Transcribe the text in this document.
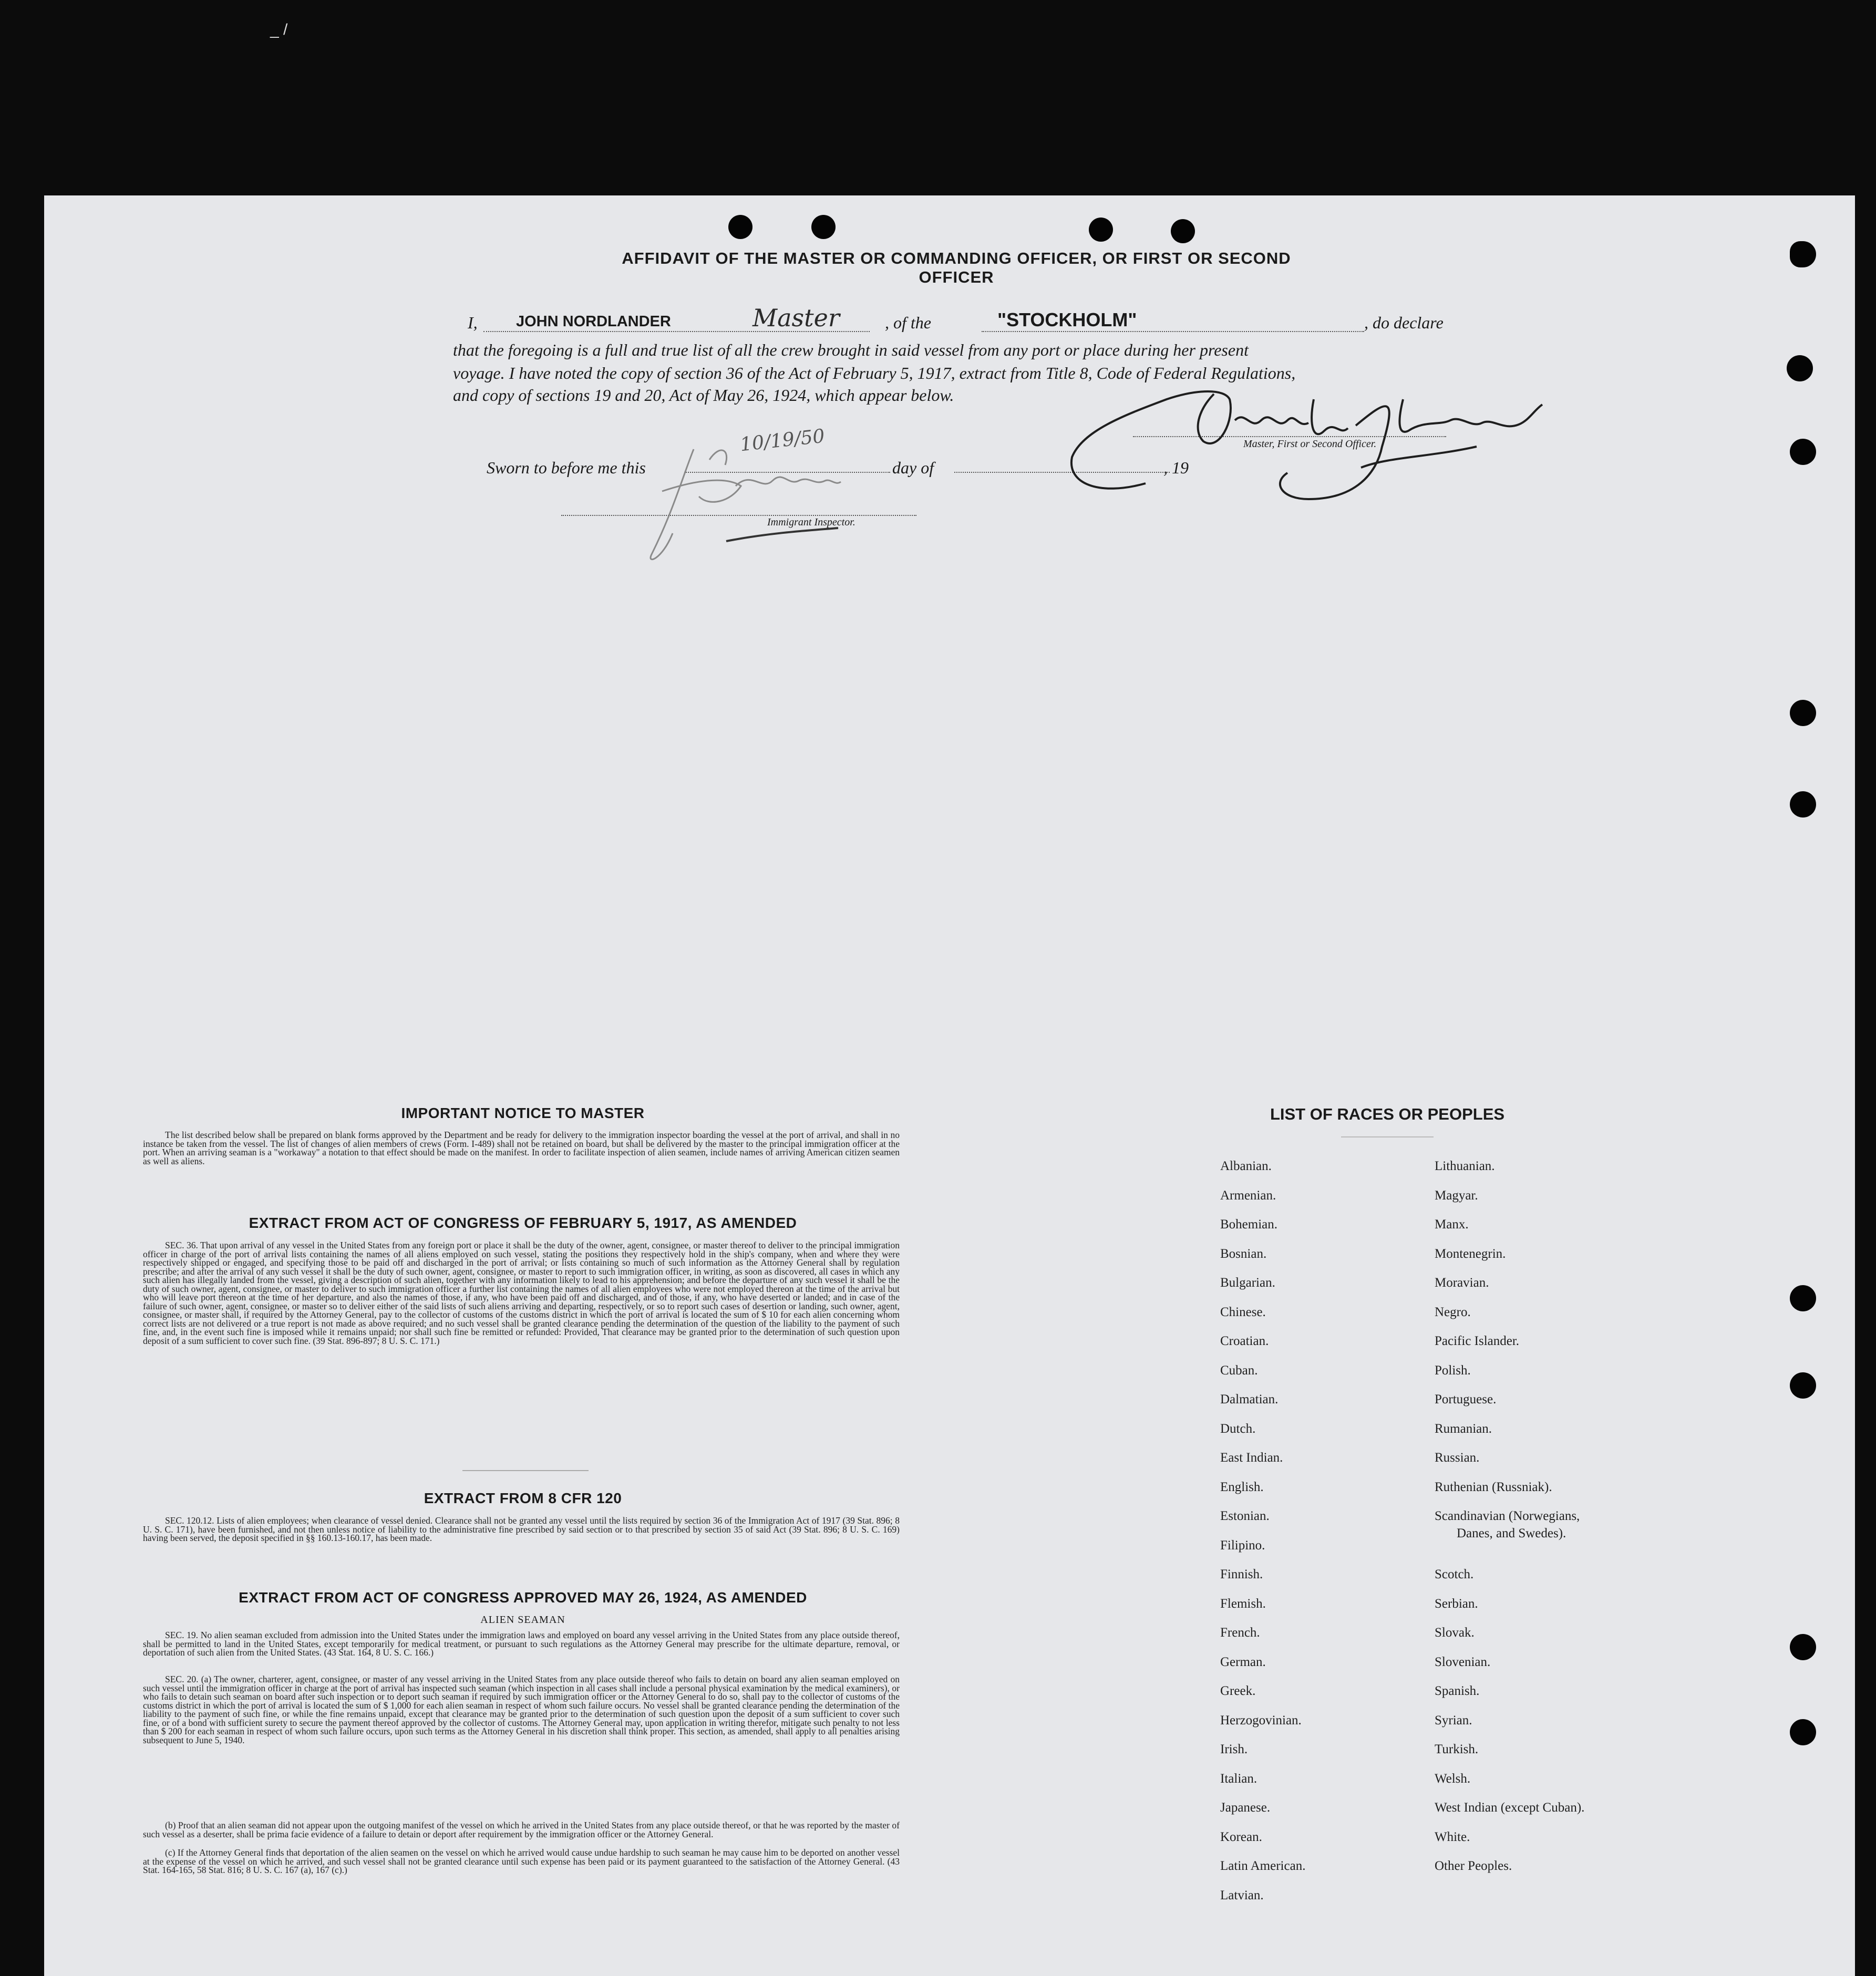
_ /
AFFIDAVIT OF THE MASTER OR COMMANDING OFFICER, OR FIRST OR SECOND OFFICER
I,	JOHN NORDLANDER	Master	, of the	"STOCKHOLM"	, do declare
that the foregoing is a full and true list of all the crew brought in said vessel from any port or place during her present
voyage. I have noted the copy of section 36 of the Act of February 5, 1917, extract from Title 8, Code of Federal Regulations,
and copy of sections 19 and 20, Act of May 26, 1924, which appear below.
Sworn to before me this	day of	, 19
10/19/50
Immigrant Inspector.
Master, First or Second Officer.
IMPORTANT NOTICE TO MASTER
The list described below shall be prepared on blank forms approved by the Department and be ready for delivery to the immigration inspector boarding the vessel at the port of arrival, and shall in no instance be taken from the vessel. The list of changes of alien members of crews (Form. I-489) shall not be retained on board, but shall be delivered by the master to the principal immigration officer at the port. When an arriving seaman is a "workaway" a notation to that effect should be made on the manifest. In order to facilitate inspection of alien seamen, include names of arriving American citizen seamen as well as aliens.
EXTRACT FROM ACT OF CONGRESS OF FEBRUARY 5, 1917, AS AMENDED
SEC. 36. That upon arrival of any vessel in the United States from any foreign port or place it shall be the duty of the owner, agent, consignee, or master thereof to deliver to the principal immigration officer in charge of the port of arrival lists containing the names of all aliens employed on such vessel, stating the positions they respectively hold in the ship's company, when and where they were respectively shipped or engaged, and specifying those to be paid off and discharged in the port of arrival; or lists containing so much of such information as the Attorney General shall by regulation prescribe; and after the arrival of any such vessel it shall be the duty of such owner, agent, consignee, or master to report to such immigration officer, in writing, as soon as discovered, all cases in which any such alien has illegally landed from the vessel, giving a description of such alien, together with any information likely to lead to his apprehension; and before the departure of any such vessel it shall be the duty of such owner, agent, consignee, or master to deliver to such immigration officer a further list containing the names of all alien employees who were not employed thereon at the time of the arrival but who will leave port thereon at the time of her departure, and also the names of those, if any, who have been paid off and discharged, and of those, if any, who have deserted or landed; and in case of the failure of such owner, agent, consignee, or master so to deliver either of the said lists of such aliens arriving and departing, respectively, or so to report such cases of desertion or landing, such owner, agent, consignee, or master shall, if required by the Attorney General, pay to the collector of customs of the customs district in which the port of arrival is located the sum of $ 10 for each alien concerning whom correct lists are not delivered or a true report is not made as above required; and no such vessel shall be granted clearance pending the determination of the question of the liability to the payment of such fine, and, in the event such fine is imposed while it remains unpaid; nor shall such fine be remitted or refunded: Provided, That clearance may be granted prior to the determination of such question upon deposit of a sum sufficient to cover such fine. (39 Stat. 896-897; 8 U. S. C. 171.)
EXTRACT FROM 8 CFR 120
SEC. 120.12. Lists of alien employees; when clearance of vessel denied. Clearance shall not be granted any vessel until the lists required by section 36 of the Immigration Act of 1917 (39 Stat. 896; 8 U. S. C. 171), have been furnished, and not then unless notice of liability to the administrative fine prescribed by said section or to that prescribed by section 35 of said Act (39 Stat. 896; 8 U. S. C. 169) having been served, the deposit specified in §§ 160.13-160.17, has been made.
EXTRACT FROM ACT OF CONGRESS APPROVED MAY 26, 1924, AS AMENDED
ALIEN SEAMAN
SEC. 19. No alien seaman excluded from admission into the United States under the immigration laws and employed on board any vessel arriving in the United States from any place outside thereof, shall be permitted to land in the United States, except temporarily for medical treatment, or pursuant to such regulations as the Attorney General may prescribe for the ultimate departure, removal, or deportation of such alien from the United States. (43 Stat. 164, 8 U. S. C. 166.)
SEC. 20. (a) The owner, charterer, agent, consignee, or master of any vessel arriving in the United States from any place outside thereof who fails to detain on board any alien seaman employed on such vessel until the immigration officer in charge at the port of arrival has inspected such seaman (which inspection in all cases shall include a personal physical examination by the medical examiners), or who fails to detain such seaman on board after such inspection or to deport such seaman if required by such immigration officer or the Attorney General to do so, shall pay to the collector of customs of the customs district in which the port of arrival is located the sum of $ 1,000 for each alien seaman in respect of whom such failure occurs. No vessel shall be granted clearance pending the determination of the liability to the payment of such fine, or while the fine remains unpaid, except that clearance may be granted prior to the determination of such question upon the deposit of a sum sufficient to cover such fine, or of a bond with sufficient surety to secure the payment thereof approved by the collector of customs. The Attorney General may, upon application in writing therefor, mitigate such penalty to not less than $ 200 for each seaman in respect of whom such failure occurs, upon such terms as the Attorney General in his discretion shall think proper. This section, as amended, shall apply to all penalties arising subsequent to June 5, 1940.
(b) Proof that an alien seaman did not appear upon the outgoing manifest of the vessel on which he arrived in the United States from any place outside thereof, or that he was reported by the master of such vessel as a deserter, shall be prima facie evidence of a failure to detain or deport after requirement by the immigration officer or the Attorney General.
(c) If the Attorney General finds that deportation of the alien seamen on the vessel on which he arrived would cause undue hardship to such seaman he may cause him to be deported on another vessel at the expense of the vessel on which he arrived, and such vessel shall not be granted clearance until such expense has been paid or its payment guaranteed to the satisfaction of the Attorney General. (43 Stat. 164-165, 58 Stat. 816; 8 U. S. C. 167 (a), 167 (c).)
LIST OF RACES OR PEOPLES
Albanian.
Armenian.
Bohemian.
Bosnian.
Bulgarian.
Chinese.
Croatian.
Cuban.
Dalmatian.
Dutch.
East Indian.
English.
Estonian.
Filipino.
Finnish.
Flemish.
French.
German.
Greek.
Herzogovinian.
Irish.
Italian.
Japanese.
Korean.
Latin American.
Latvian.
Lithuanian.
Magyar.
Manx.
Montenegrin.
Moravian.
Negro.
Pacific Islander.
Polish.
Portuguese.
Rumanian.
Russian.
Ruthenian (Russniak).
Scandinavian (Norwegians,
Danes, and Swedes).
Scotch.
Serbian.
Slovak.
Slovenian.
Spanish.
Syrian.
Turkish.
Welsh.
West Indian (except Cuban).
White.
Other Peoples.
